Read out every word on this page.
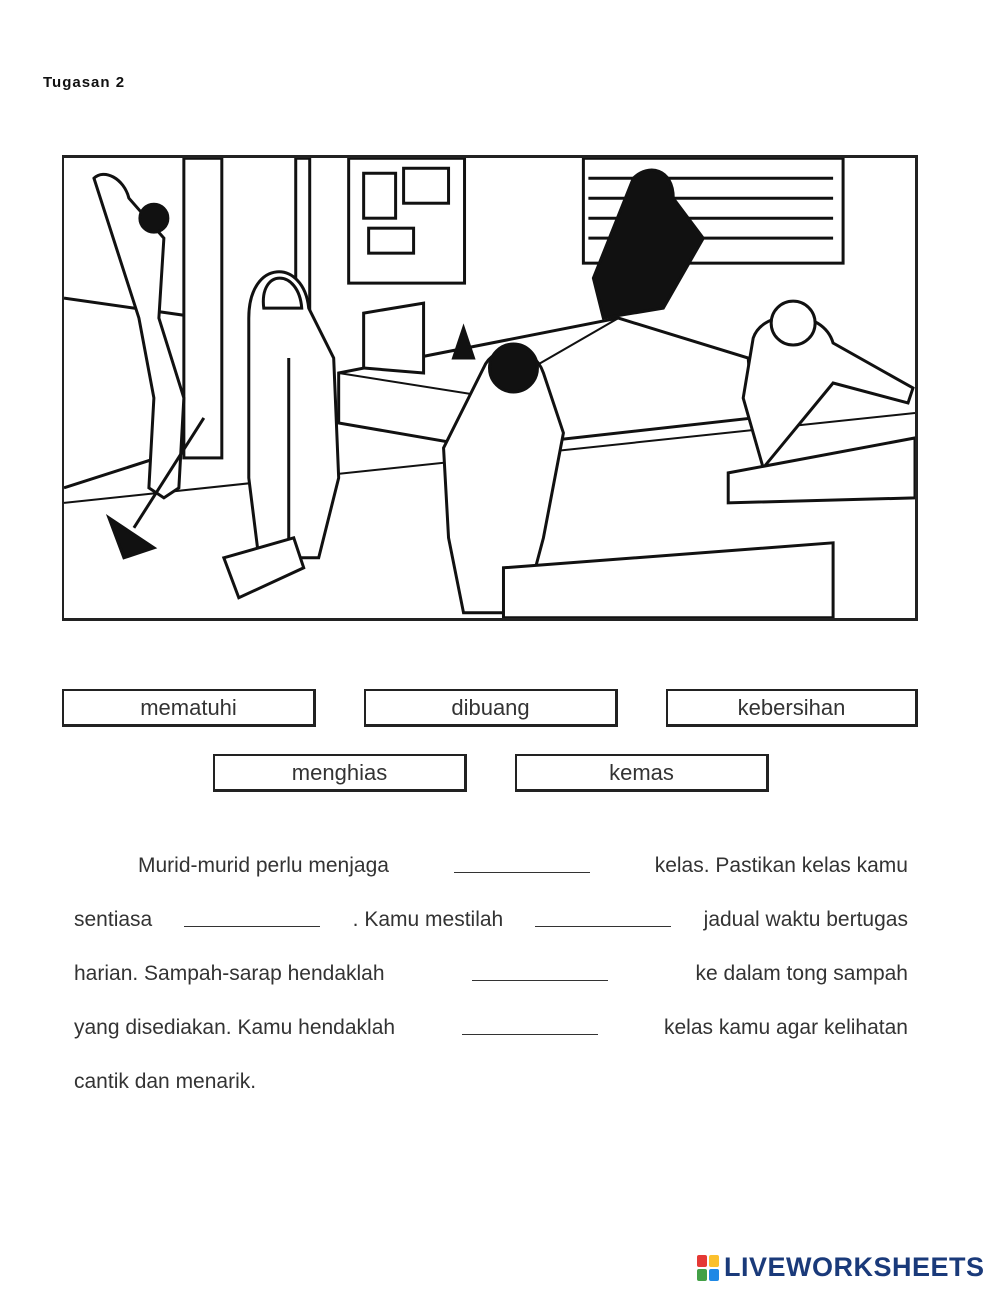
Tugasan 2
mematuhi	dibuang	kebersihan
menghias	kemas
Murid-murid perlu menjaga	kelas. Pastikan kelas kamu
sentiasa	. Kamu mestilah	jadual waktu bertugas
harian. Sampah-sarap hendaklah	ke dalam tong sampah
yang disediakan. Kamu hendaklah	kelas kamu agar kelihatan
cantik dan menarik.
LIVEWORKSHEETS
